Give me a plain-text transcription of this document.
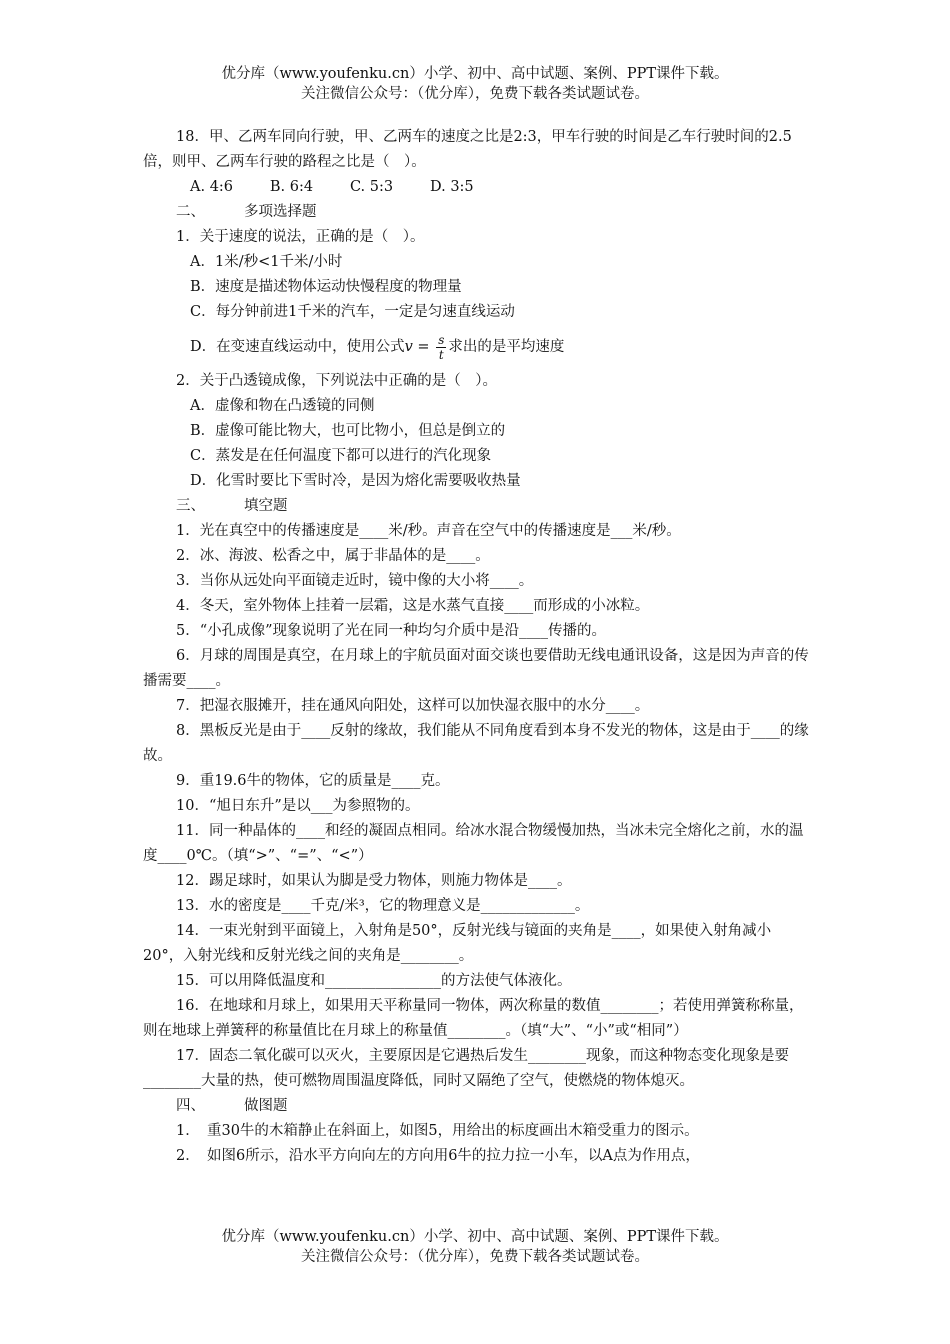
优分库（www.youfenku.cn）小学、初中、高中试题、案例、PPT课件下载。
关注微信公众号：（优分库），免费下载各类试题试卷。

18．甲、乙两车同向行驶，甲、乙两车的速度之比是2:3，甲车行驶的时间是乙车行驶时间的2.5倍，则甲、乙两车行驶的路程之比是（　）。

A. 4:6        B. 6:4        C. 5:3        D. 3:5

二、	多项选择题

1．关于速度的说法，正确的是（　）。

A．1米/秒<1千米/小时

B．速度是描述物体运动快慢程度的物理量

C．每分钟前进1千米的汽车，一定是匀速直线运动

D．在变速直线运动中，使用公式$v = \frac{s}{t}$ 求出的是平均速度

2．关于凸透镜成像，下列说法中正确的是（　）。

A．虚像和物在凸透镜的同侧

B．虚像可能比物大，也可比物小，但总是倒立的

C．蒸发是在任何温度下都可以进行的汽化现象

D．化雪时要比下雪时冷，是因为熔化需要吸收热量

三、	填空题

1．光在真空中的传播速度是____米/秒。声音在空气中的传播速度是___米/秒。

2．冰、海波、松香之中，属于非晶体的是____。

3．当你从远处向平面镜走近时，镜中像的大小将____。

4．冬天，室外物体上挂着一层霜，这是水蒸气直接____而形成的小冰粒。

5．“小孔成像”现象说明了光在同一种均匀介质中是沿____传播的。

6．月球的周围是真空，在月球上的宇航员面对面交谈也要借助无线电通讯设备，这是因为声音的传播需要____。

7．把湿衣服摊开，挂在通风向阳处，这样可以加快湿衣服中的水分____。

8．黑板反光是由于____反射的缘故，我们能从不同角度看到本身不发光的物体，这是由于____的缘故。

9．重19.6牛的物体，它的质量是____克。

10．“旭日东升”是以___为参照物的。

11．同一种晶体的____和经的凝固点相同。给冰水混合物缓慢加热，当冰未完全熔化之前，水的温度____0℃。（填“>”、“=”、“<”）

12．踢足球时，如果认为脚是受力物体，则施力物体是____。

13．水的密度是____千克/米³，它的物理意义是_____________。

14．一束光射到平面镜上，入射角是50°，反射光线与镜面的夹角是____，如果使入射角减小20°，入射光线和反射光线之间的夹角是________。

15．可以用降低温度和________________的方法使气体液化。

16．在地球和月球上，如果用天平称量同一物体，两次称量的数值________；若使用弹簧称称量，则在地球上弹簧秤的称量值比在月球上的称量值________。（填“大”、“小”或“相同”）

17．固态二氧化碳可以灭火，主要原因是它遇热后发生________现象，而这种物态变化现象是要________大量的热，使可燃物周围温度降低，同时又隔绝了空气，使燃烧的物体熄灭。

四、	做图题

1．　重30牛的木箱静止在斜面上，如图5，用给出的标度画出木箱受重力的图示。

2．　如图6所示，沿水平方向向左的方向用6牛的拉力拉一小车，以A点为作用点，

优分库（www.youfenku.cn）小学、初中、高中试题、案例、PPT课件下载。
关注微信公众号：（优分库），免费下载各类试题试卷。
